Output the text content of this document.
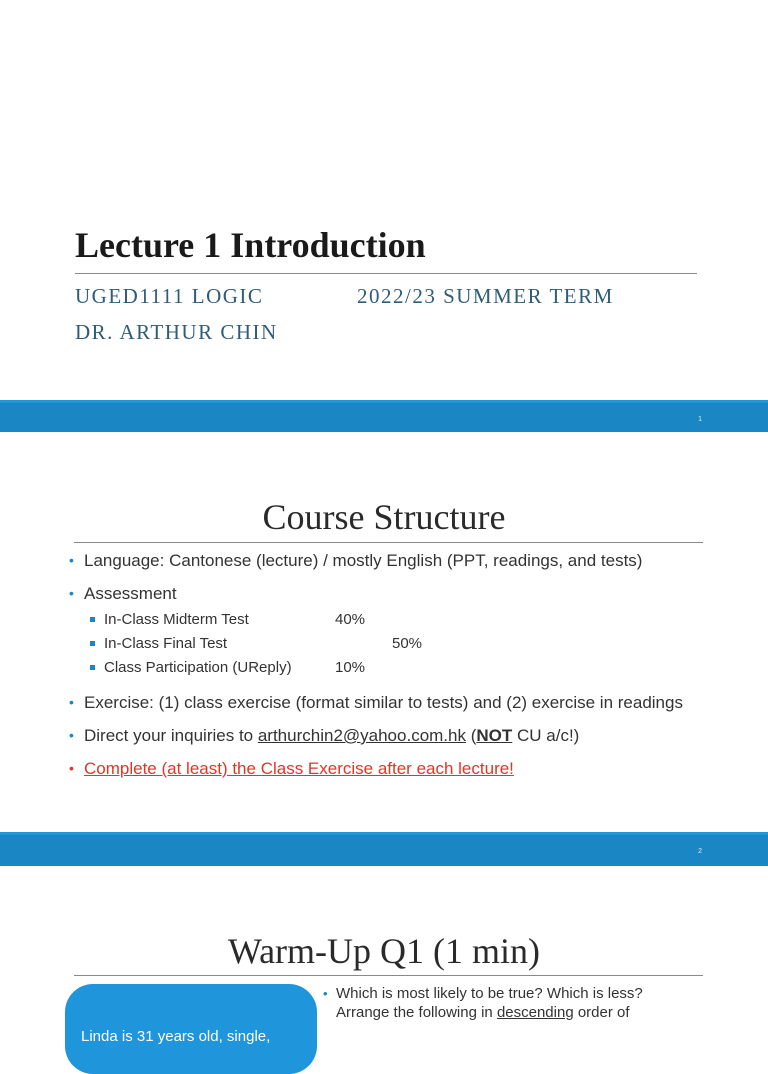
Lecture 1 Introduction
UGED1111 LOGIC	2022/23 SUMMER TERM
DR. ARTHUR CHIN
1
Course Structure
• Language: Cantonese (lecture) / mostly English (PPT, readings, and tests)
• Assessment
In-Class Midterm Test	40%
In-Class Final Test	50%
Class Participation (UReply)	10%
• Exercise: (1) class exercise (format similar to tests) and (2) exercise in readings
• Direct your inquiries to arthurchin2@yahoo.com.hk (NOT CU a/c!)
• Complete (at least) the Class Exercise after each lecture!
2
Warm-Up Q1 (1 min)
Linda is 31 years old, single,
• Which is most likely to be true? Which is less?
Arrange the following in descending order of
